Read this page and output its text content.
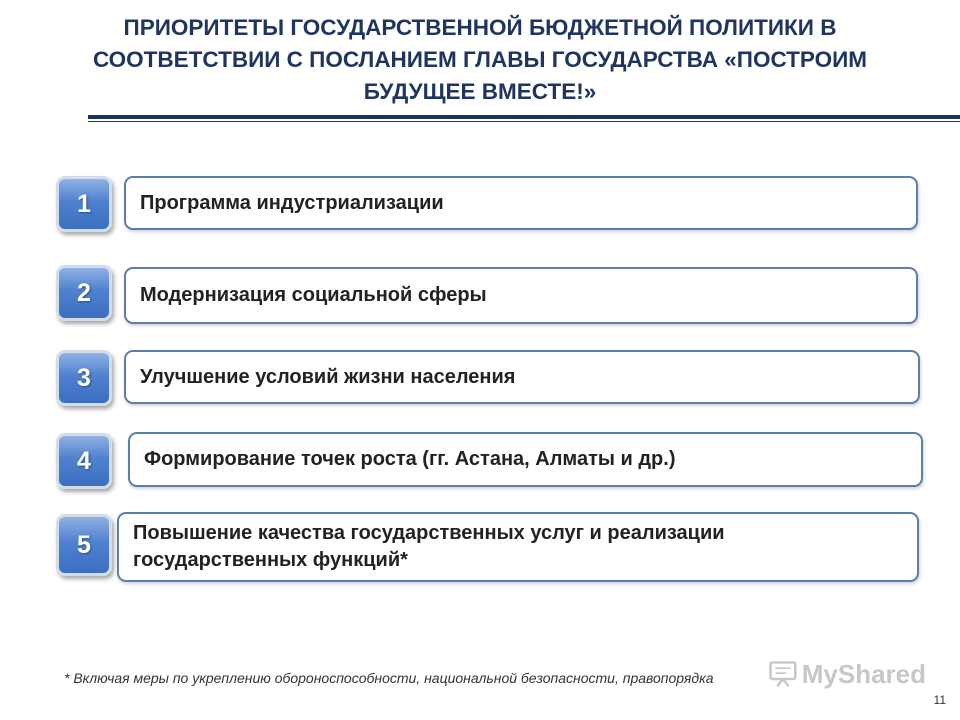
ПРИОРИТЕТЫ ГОСУДАРСТВЕННОЙ БЮДЖЕТНОЙ ПОЛИТИКИ В
СООТВЕТСТВИИ С ПОСЛАНИЕМ ГЛАВЫ ГОСУДАРСТВА «ПОСТРОИМ
БУДУЩЕЕ ВМЕСТЕ!»
1	Программа индустриализации
2	Модернизация социальной сферы
3	Улучшение условий жизни населения
4	Формирование точек роста (гг. Астана, Алматы и др.)
5	Повышение качества государственных услуг и реализации
государственных функций*
MyShared
* Включая меры по укреплению обороноспособности, национальной безопасности, правопорядка
11
